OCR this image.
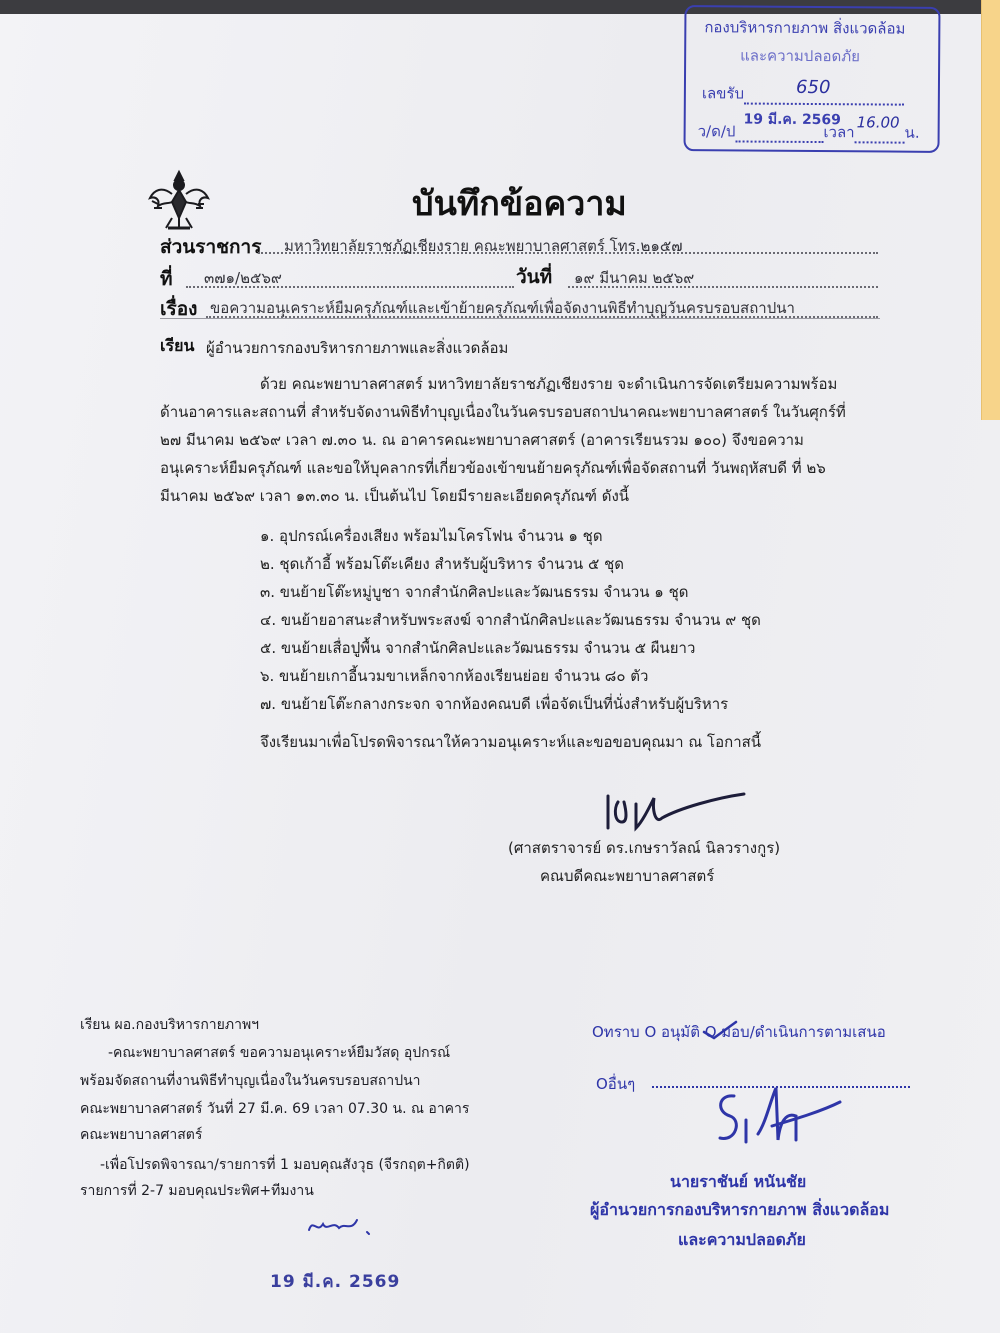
กองบริหารกายภาพ สิ่งแวดล้อม
และความปลอดภัย
เลขรับ	650

ว/ด/ป
19 มี.ค. 2569
เวลา
16.00
น.
บันทึกข้อความ
ส่วนราชการ มหาวิทยาลัยราชภัฏเชียงราย คณะพยาบาลศาสตร์ โทร.๒๑๕๗
ที่ ๓๗๑/๒๕๖๙	วันที่ ๑๙ มีนาคม ๒๕๖๙
เรื่อง ขอความอนุเคราะห์ยืมครุภัณฑ์และเข้าย้ายครุภัณฑ์เพื่อจัดงานพิธีทำบุญวันครบรอบสถาปนา
เรียน ผู้อำนวยการกองบริหารกายภาพและสิ่งแวดล้อม
ด้วย คณะพยาบาลศาสตร์ มหาวิทยาลัยราชภัฏเชียงราย จะดำเนินการจัดเตรียมความพร้อม
ด้านอาคารและสถานที่ สำหรับจัดงานพิธีทำบุญเนื่องในวันครบรอบสถาปนาคณะพยาบาลศาสตร์ ในวันศุกร์ที่
๒๗ มีนาคม ๒๕๖๙ เวลา ๗.๓๐ น. ณ อาคารคณะพยาบาลศาสตร์ (อาคารเรียนรวม ๑๐๐) จึงขอความ
อนุเคราะห์ยืมครุภัณฑ์ และขอให้บุคลากรที่เกี่ยวข้องเข้าขนย้ายครุภัณฑ์เพื่อจัดสถานที่ วันพฤหัสบดี ที่ ๒๖
มีนาคม ๒๕๖๙ เวลา ๑๓.๓๐ น. เป็นต้นไป โดยมีรายละเอียดครุภัณฑ์ ดังนี้
๑. อุปกรณ์เครื่องเสียง พร้อมไมโครโฟน จำนวน ๑ ชุด
๒. ชุดเก้าอี้ พร้อมโต๊ะเคียง สำหรับผู้บริหาร จำนวน ๕ ชุด
๓. ขนย้ายโต๊ะหมู่บูชา จากสำนักศิลปะและวัฒนธรรม จำนวน ๑ ชุด
๔. ขนย้ายอาสนะสำหรับพระสงฆ์ จากสำนักศิลปะและวัฒนธรรม จำนวน ๙ ชุด
๕. ขนย้ายเสื่อปูพื้น จากสำนักศิลปะและวัฒนธรรม จำนวน ๕ ผืนยาว
๖. ขนย้ายเกาอี้นวมขาเหล็กจากห้องเรียนย่อย จำนวน ๘๐ ตัว
๗. ขนย้ายโต๊ะกลางกระจก จากห้องคณบดี เพื่อจัดเป็นที่นั่งสำหรับผู้บริหาร
จึงเรียนมาเพื่อโปรดพิจารณาให้ความอนุเคราะห์และขอขอบคุณมา ณ โอกาสนี้
(ศาสตราจารย์ ดร.เกษราวัลณ์ นิลวรางกูร)
คณบดีคณะพยาบาลศาสตร์
เรียน ผอ.กองบริหารกายภาพฯ
-คณะพยาบาลศาสตร์ ขอความอนุเคราะห์ยืมวัสดุ อุปกรณ์
พร้อมจัดสถานที่งานพิธีทำบุญเนื่องในวันครบรอบสถาปนา
คณะพยาบาลศาสตร์ วันที่ 27 มี.ค. 69 เวลา 07.30 น. ณ อาคาร
คณะพยาบาลศาสตร์
-เพื่อโปรดพิจารณา/รายการที่ 1 มอบคุณสังวุธ (จีรกฤต+กิตติ)
รายการที่ 2-7 มอบคุณประพิศ+ทีมงาน
19 มี.ค. 2569
Oทราบ O อนุมัติ O มอบ/ดำเนินการตามเสนอ
Oอื่นๆ
นายราชันย์ หนันชัย
ผู้อำนวยการกองบริหารกายภาพ สิ่งแวดล้อม
และความปลอดภัย
